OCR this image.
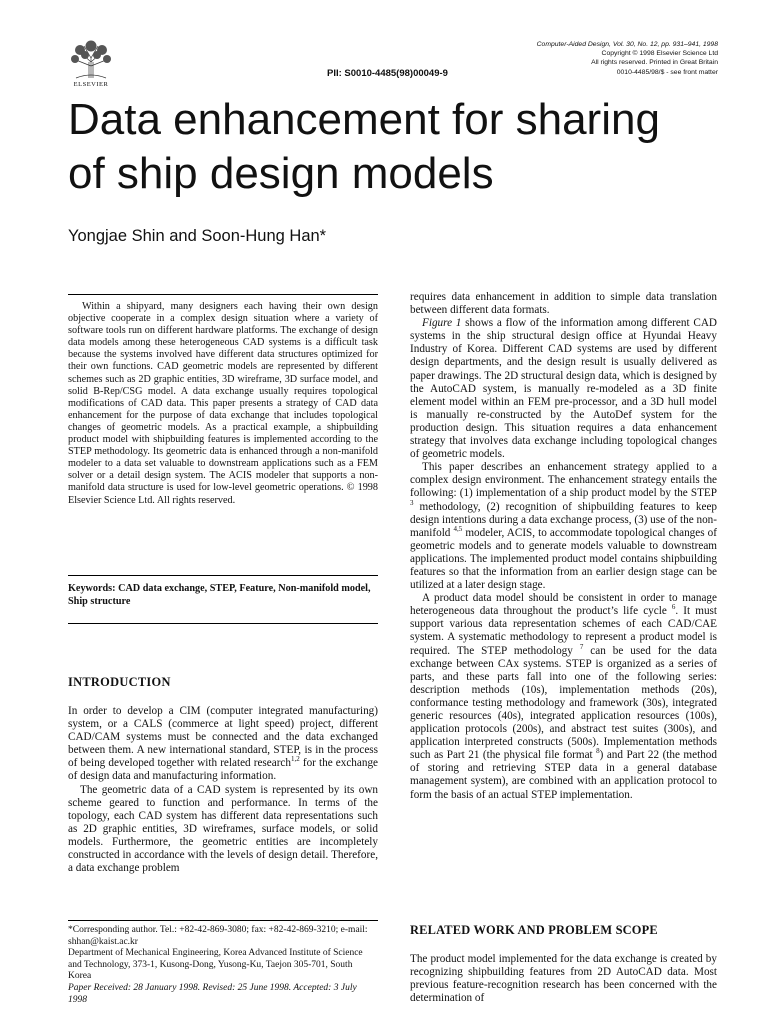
ELSEVIER
PII: S0010-4485(98)00049-9
Computer-Aided Design, Vol. 30, No. 12, pp. 931–941, 1998
Copyright © 1998 Elsevier Science Ltd
All rights reserved. Printed in Great Britain
0010-4485/98/$ - see front matter
Data enhancement for sharing
of ship design models
Yongjae Shin and Soon-Hung Han*
Within a shipyard, many designers each having their own design objective cooperate in a complex design situation where a variety of software tools run on different hardware platforms. The exchange of design data models among these heterogeneous CAD systems is a difficult task because the systems involved have different data structures optimized for their own functions. CAD geometric models are represented by different schemes such as 2D graphic entities, 3D wireframe, 3D surface model, and solid B-Rep/CSG model. A data exchange usually requires topological modifications of CAD data. This paper presents a strategy of CAD data enhancement for the purpose of data exchange that includes topological changes of geometric models. As a practical example, a shipbuilding product model with shipbuilding features is implemented according to the STEP methodology. Its geometric data is enhanced through a non-manifold modeler to a data set valuable to downstream applications such as a FEM solver or a detail design system. The ACIS modeler that supports a non-manifold data structure is used for low-level geometric operations. © 1998 Elsevier Science Ltd. All rights reserved.
Keywords: CAD data exchange, STEP, Feature, Non-manifold model, Ship structure
INTRODUCTION

In order to develop a CIM (computer integrated manufacturing) system, or a CALS (commerce at light speed) project, different CAD/CAM systems must be connected and the data exchanged between them. A new international standard, STEP, is in the process of being developed together with related research$^{1,2}$ for the exchange of design data and manufacturing information.

The geometric data of a CAD system is represented by its own scheme geared to function and performance. In terms of the topology, each CAD system has different data representations such as 2D graphic entities, 3D wireframes, surface models, or solid models. Furthermore, the geometric entities are incompletely constructed in accordance with the levels of design detail. Therefore, a data exchange problem

*Corresponding author. Tel.: +82-42-869-3080; fax: +82-42-869-3210; e-mail: shhan@kaist.ac.kr
Department of Mechanical Engineering, Korea Advanced Institute of Science and Technology, 373-1, Kusong-Dong, Yusong-Ku, Taejon 305-701, South Korea
Paper Received: 28 January 1998. Revised: 25 June 1998. Accepted: 3 July 1998

requires data enhancement in addition to simple data translation between different data formats.

Figure 1 shows a flow of the information among different CAD systems in the ship structural design office at Hyundai Heavy Industry of Korea. Different CAD systems are used by different design departments, and the design result is usually delivered as paper drawings. The 2D structural design data, which is designed by the AutoCAD system, is manually re-modeled as a 3D finite element model within an FEM pre-processor, and a 3D hull model is manually re-constructed by the AutoDef system for the production design. This situation requires a data enhancement strategy that involves data exchange including topological changes of geometric models.

This paper describes an enhancement strategy applied to a complex design environment. The enhancement strategy entails the following: (1) implementation of a ship product model by the STEP $^3$ methodology, (2) recognition of shipbuilding features to keep design intentions during a data exchange process, (3) use of the non-manifold $^{4,5}$ modeler, ACIS, to accommodate topological changes of geometric models and to generate models valuable to downstream applications. The implemented product model contains shipbuilding features so that the information from an earlier design stage can be utilized at a later design stage.

A product data model should be consistent in order to manage heterogeneous data throughout the product’s life cycle $^6$. It must support various data representation schemes of each CAD/CAE system. A systematic methodology to represent a product model is required. The STEP methodology $^7$ can be used for the data exchange between CAx systems. STEP is organized as a series of parts, and these parts fall into one of the following series: description methods (10s), implementation methods (20s), conformance testing methodology and framework (30s), integrated generic resources (40s), integrated application resources (100s), application protocols (200s), and abstract test suites (300s), and application interpreted constructs (500s). Implementation methods such as Part 21 (the physical file format $^8$) and Part 22 (the method of storing and retrieving STEP data in a general database management system), are combined with an application protocol to form the basis of an actual STEP implementation.

RELATED WORK AND PROBLEM SCOPE

The product model implemented for the data exchange is created by recognizing shipbuilding features from 2D AutoCAD data. Most previous feature-recognition research has been concerned with the determination of
